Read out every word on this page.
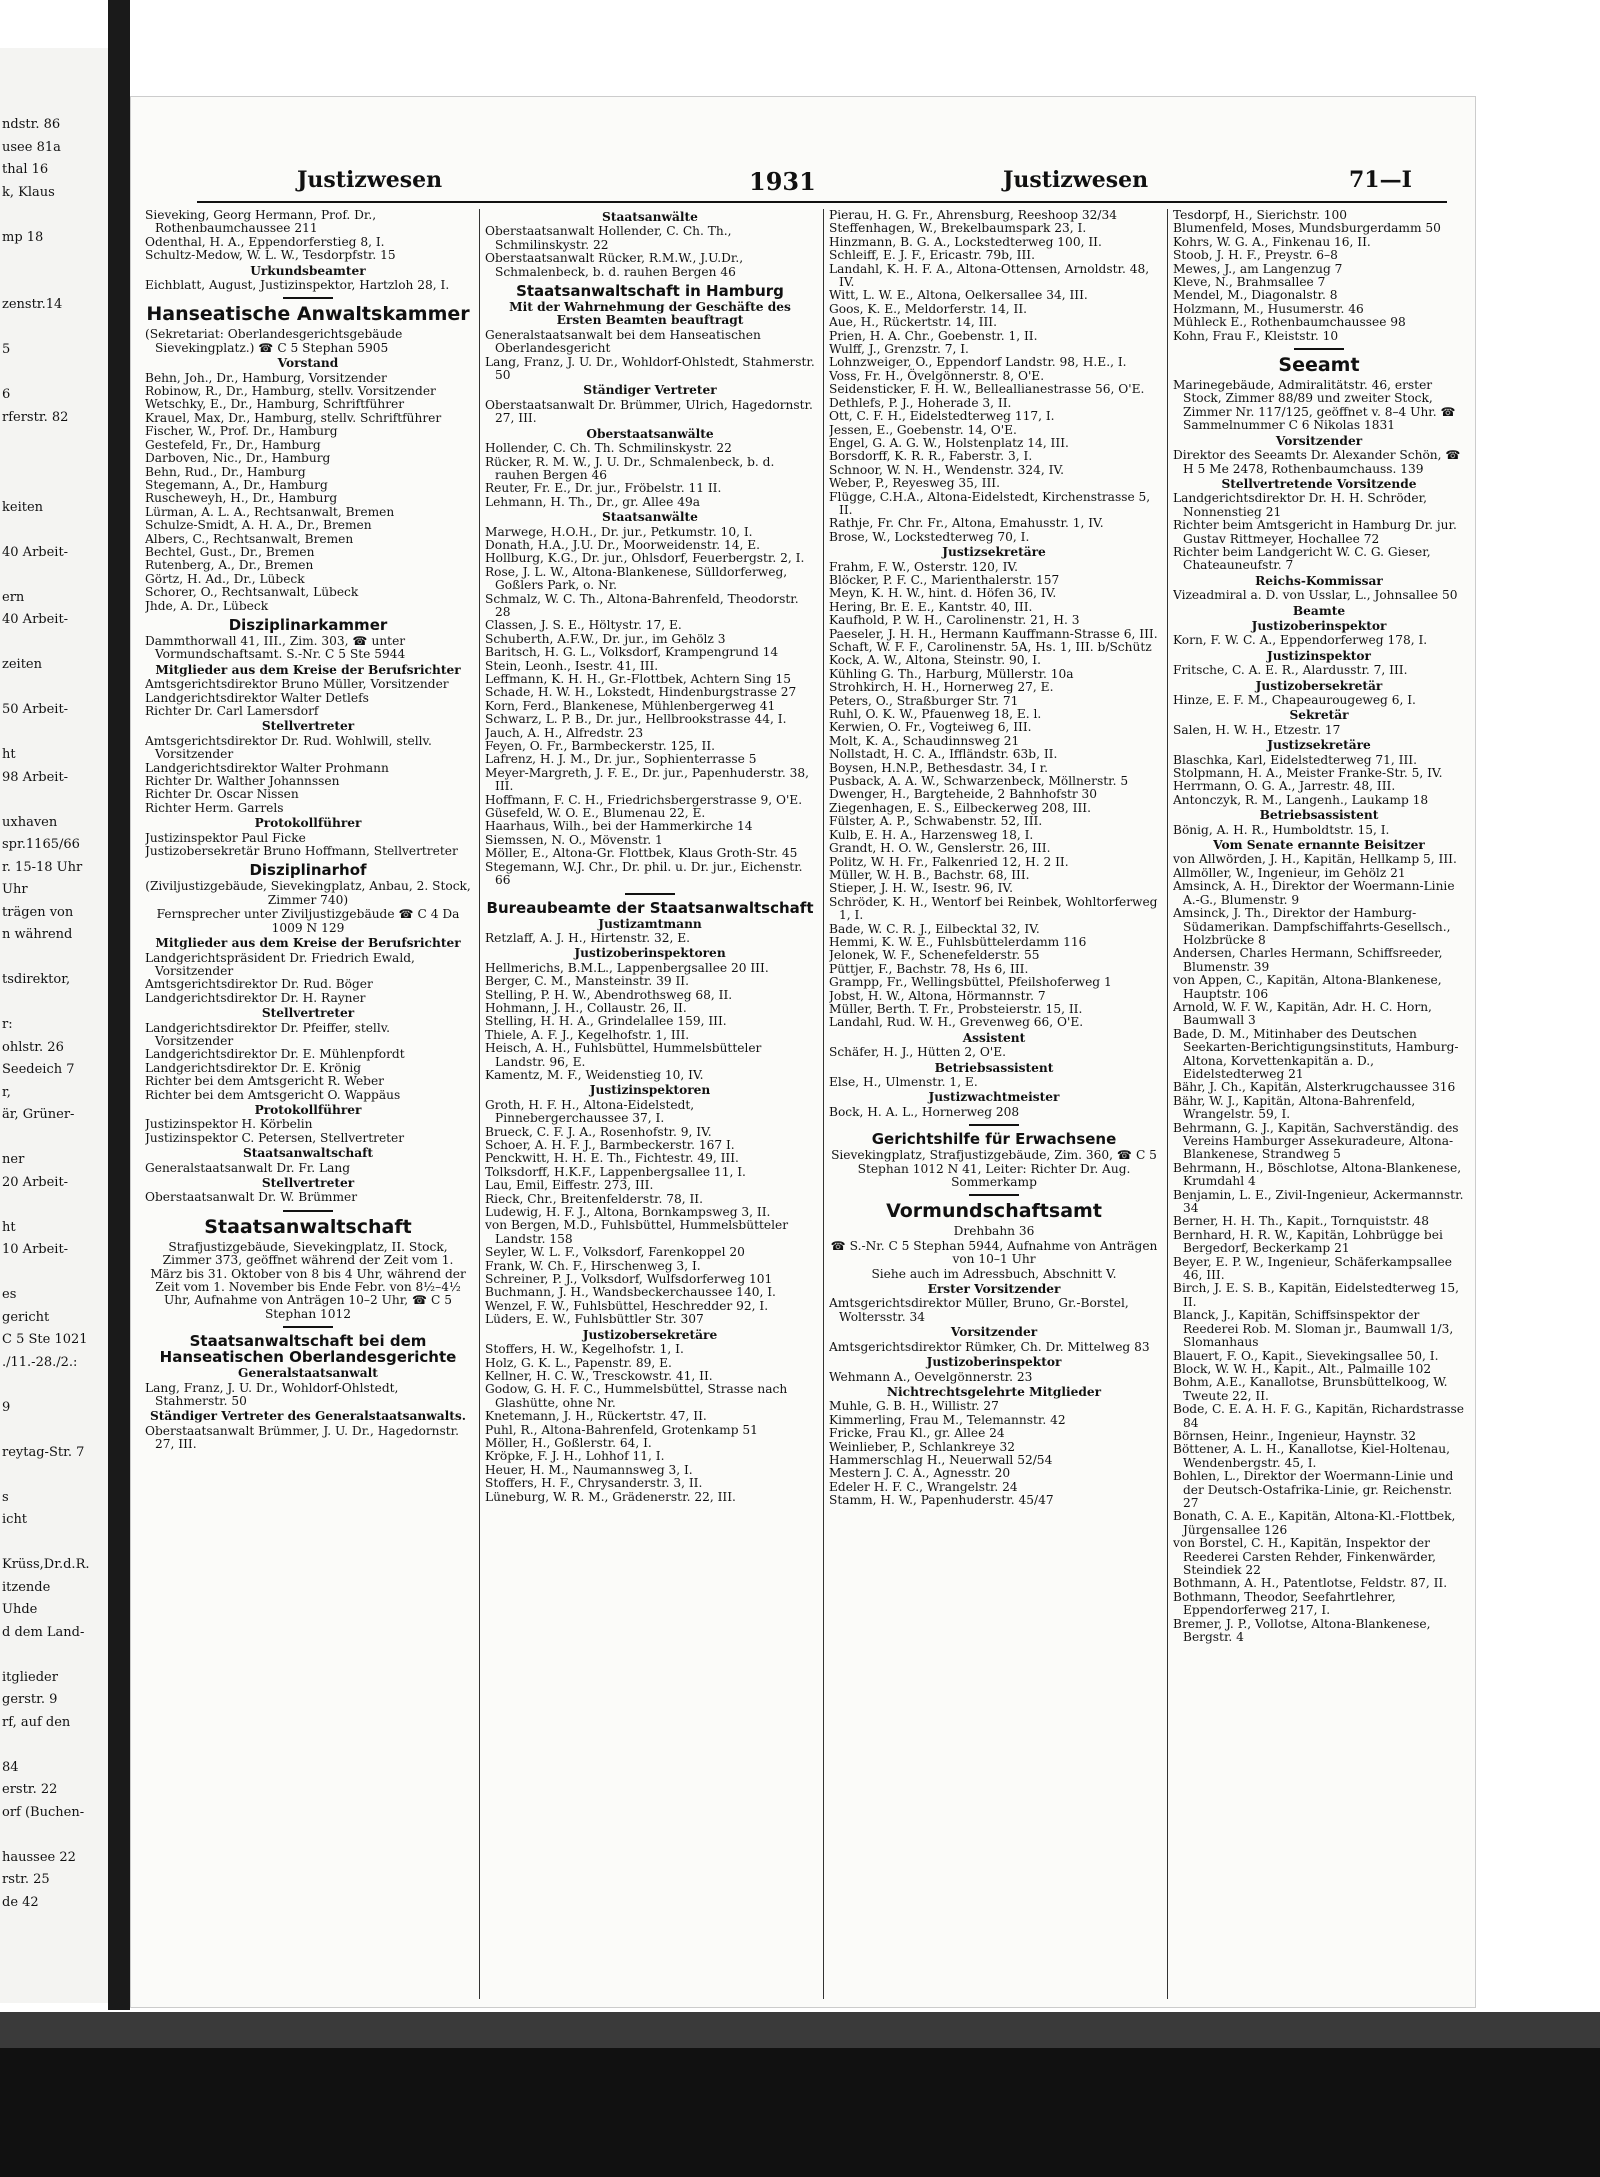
ndstr. 86
usee 81a
thal 16
k, Klaus
mp 18
zenstr.14
5
6
rferstr. 82
keiten
40 Arbeit-
ern
40 Arbeit-
zeiten
50 Arbeit-
ht
98 Arbeit-
uxhaven
spr.1165/66
r. 15-18 Uhr
Uhr
trägen von
n während
tsdirektor,
r:
ohlstr. 26
Seedeich 7
r,
är, Grüner-
ner
20 Arbeit-
ht
10 Arbeit-
es
gericht
C 5 Ste 1021
./11.-28./2.:
9
reytag-Str. 7
s
icht
Krüss,Dr.d.R.
itzende
Uhde
d dem Land-
itglieder
gerstr. 9
rf, auf den
84
erstr. 22
orf (Buchen-
haussee 22
rstr. 25
de 42
Justizwesen	1931	Justizwesen	71—I
Sieveking, Georg Hermann, Prof. Dr., Rothenbaumchaussee 211
Odenthal, H. A., Eppendorferstieg 8, I.
Schultz-Medow, W. L. W., Tesdorpfstr. 15
Urkundsbeamter
Eichblatt, August, Justizinspektor, Hartzloh 28, I.
Hanseatische Anwaltskammer
(Sekretariat: Oberlandesgerichtsgebäude Sievekingplatz.) ☎ C 5 Stephan 5905
Vorstand
Behn, Joh., Dr., Hamburg, Vorsitzender
Robinow, R., Dr., Hamburg, stellv. Vorsitzender
Wetschky, E., Dr., Hamburg, Schriftführer
Krauel, Max, Dr., Hamburg, stellv. Schriftführer
Fischer, W., Prof. Dr., Hamburg
Gestefeld, Fr., Dr., Hamburg
Darboven, Nic., Dr., Hamburg
Behn, Rud., Dr., Hamburg
Stegemann, A., Dr., Hamburg
Ruscheweyh, H., Dr., Hamburg
Lürman, A. L. A., Rechtsanwalt, Bremen
Schulze-Smidt, A. H. A., Dr., Bremen
Albers, C., Rechtsanwalt, Bremen
Bechtel, Gust., Dr., Bremen
Rutenberg, A., Dr., Bremen
Görtz, H. Ad., Dr., Lübeck
Schorer, O., Rechtsanwalt, Lübeck
Jhde, A. Dr., Lübeck
Disziplinarkammer
Dammthorwall 41, III., Zim. 303, ☎ unter Vormundschaftsamt. S.-Nr. C 5 Ste 5944
Mitglieder aus dem Kreise der Berufsrichter
Amtsgerichtsdirektor Bruno Müller, Vorsitzender
Landgerichtsdirektor Walter Detlefs
Richter Dr. Carl Lamersdorf
Stellvertreter
Amtsgerichtsdirektor Dr. Rud. Wohlwill, stellv. Vorsitzender
Landgerichtsdirektor Walter Prohmann
Richter Dr. Walther Johannssen
Richter Dr. Oscar Nissen
Richter Herm. Garrels
Protokollführer
Justizinspektor Paul Ficke
Justizobersekretär Bruno Hoffmann, Stellvertreter
Disziplinarhof
(Ziviljustizgebäude, Sievekingplatz, Anbau, 2. Stock, Zimmer 740)
Fernsprecher unter Ziviljustizgebäude ☎ C 4 Da 1009 N 129
Mitglieder aus dem Kreise der Berufsrichter
Landgerichtspräsident Dr. Friedrich Ewald, Vorsitzender
Amtsgerichtsdirektor Dr. Rud. Böger
Landgerichtsdirektor Dr. H. Rayner
Stellvertreter
Landgerichtsdirektor Dr. Pfeiffer, stellv. Vorsitzender
Landgerichtsdirektor Dr. E. Mühlenpfordt
Landgerichtsdirektor Dr. E. Krönig
Richter bei dem Amtsgericht R. Weber
Richter bei dem Amtsgericht O. Wappäus
Protokollführer
Justizinspektor H. Körbelin
Justizinspektor C. Petersen, Stellvertreter
Staatsanwaltschaft
Generalstaatsanwalt Dr. Fr. Lang
Stellvertreter
Oberstaatsanwalt Dr. W. Brümmer
Staatsanwaltschaft
Strafjustizgebäude, Sievekingplatz, II. Stock, Zimmer 373, geöffnet während der Zeit vom 1. März bis 31. Oktober von 8 bis 4 Uhr, während der Zeit vom 1. November bis Ende Febr. von 8½–4½ Uhr, Aufnahme von Anträgen 10–2 Uhr, ☎ C 5 Stephan 1012
Staatsanwaltschaft bei dem Hanseatischen Oberlandesgerichte
Generalstaatsanwalt
Lang, Franz, J. U. Dr., Wohldorf-Ohlstedt, Stahmerstr. 50
Ständiger Vertreter des Generalstaatsanwalts.
Oberstaatsanwalt Brümmer, J. U. Dr., Hagedornstr. 27, III.
Staatsanwälte
Oberstaatsanwalt Hollender, C. Ch. Th., Schmilinskystr. 22
Oberstaatsanwalt Rücker, R.M.W., J.U.Dr., Schmalenbeck, b. d. rauhen Bergen 46
Staatsanwaltschaft in Hamburg
Mit der Wahrnehmung der Geschäfte des Ersten Beamten beauftragt
Generalstaatsanwalt bei dem Hanseatischen Oberlandesgericht
Lang, Franz, J. U. Dr., Wohldorf-Ohlstedt, Stahmerstr. 50
Ständiger Vertreter
Oberstaatsanwalt Dr. Brümmer, Ulrich, Hagedornstr. 27, III.
Oberstaatsanwälte
Hollender, C. Ch. Th. Schmilinskystr. 22
Rücker, R. M. W., J. U. Dr., Schmalenbeck, b. d. rauhen Bergen 46
Reuter, Fr. E., Dr. jur., Fröbelstr. 11 II.
Lehmann, H. Th., Dr., gr. Allee 49a
Staatsanwälte
Marwege, H.O.H., Dr. jur., Petkumstr. 10, I.
Donath, H.A., J.U. Dr., Moorweidenstr. 14, E.
Hollburg, K.G., Dr. jur., Ohlsdorf, Feuerbergstr. 2, I.
Rose, J. L. W., Altona-Blankenese, Sülldorferweg, Goßlers Park, o. Nr.
Schmalz, W. C. Th., Altona-Bahrenfeld, Theodorstr. 28
Classen, J. S. E., Höltystr. 17, E.
Schuberth, A.F.W., Dr. jur., im Gehölz 3
Baritsch, H. G. L., Volksdorf, Krampengrund 14
Stein, Leonh., Isestr. 41, III.
Leffmann, K. H. H., Gr.-Flottbek, Achtern Sing 15
Schade, H. W. H., Lokstedt, Hindenburgstrasse 27
Korn, Ferd., Blankenese, Mühlenbergerweg 41
Schwarz, L. P. B., Dr. jur., Hellbrookstrasse 44, I.
Jauch, A. H., Alfredstr. 23
Feyen, O. Fr., Barmbeckerstr. 125, II.
Lafrenz, H. J. M., Dr. jur., Sophienterrasse 5
Meyer-Margreth, J. F. E., Dr. jur., Papenhuderstr. 38, III.
Hoffmann, F. C. H., Friedrichsbergerstrasse 9, O'E.
Güsefeld, W. O. E., Blumenau 22, E.
Haarhaus, Wilh., bei der Hammerkirche 14
Siemssen, N. O., Mövenstr. 1
Möller, E., Altona-Gr. Flottbek, Klaus Groth-Str. 45
Stegemann, W.J. Chr., Dr. phil. u. Dr. jur., Eichenstr. 66
Bureaubeamte der Staatsanwaltschaft
Justizamtmann
Retzlaff, A. J. H., Hirtenstr. 32, E.
Justizoberinspektoren
Hellmerichs, B.M.L., Lappenbergsallee 20 III.
Berger, C. M., Mansteinstr. 39 II.
Stelling, P. H. W., Abendrothsweg 68, II.
Hohmann, J. H., Collaustr. 26, II.
Stelling, H. H. A., Grindelallee 159, III.
Thiele, A. F. J., Kegelhofstr. 1, III.
Heisch, A. H., Fuhlsbüttel, Hummelsbütteler Landstr. 96, E.
Kamentz, M. F., Weidenstieg 10, IV.
Justizinspektoren
Groth, H. F. H., Altona-Eidelstedt, Pinnebergerchaussee 37, I.
Brueck, C. F. J. A., Rosenhofstr. 9, IV.
Schoer, A. H. F. J., Barmbeckerstr. 167 I.
Penckwitt, H. H. E. Th., Fichtestr. 49, III.
Tolksdorff, H.K.F., Lappenbergsallee 11, I.
Lau, Emil, Eiffestr. 273, III.
Rieck, Chr., Breitenfelderstr. 78, II.
Ludewig, H. F. J., Altona, Bornkampsweg 3, II.
von Bergen, M.D., Fuhlsbüttel, Hummelsbütteler Landstr. 158
Seyler, W. L. F., Volksdorf, Farenkoppel 20
Frank, W. Ch. F., Hirschenweg 3, I.
Schreiner, P. J., Volksdorf, Wulfsdorferweg 101
Buchmann, J. H., Wandsbeckerchaussee 140, I.
Wenzel, F. W., Fuhlsbüttel, Heschredder 92, I.
Lüders, E. W., Fuhlsbüttler Str. 307
Justizobersekretäre
Stoffers, H. W., Kegelhofstr. 1, I.
Holz, G. K. L., Papenstr. 89, E.
Kellner, H. C. W., Tresckowstr. 41, II.
Godow, G. H. F. C., Hummelsbüttel, Strasse nach Glashütte, ohne Nr.
Knetemann, J. H., Rückertstr. 47, II.
Puhl, R., Altona-Bahrenfeld, Grotenkamp 51
Möller, H., Goßlerstr. 64, I.
Kröpke, F. J. H., Lohhof 11, I.
Heuer, H. M., Naumannsweg 3, I.
Stoffers, H. F., Chrysanderstr. 3, II.
Lüneburg, W. R. M., Grädenerstr. 22, III.
Pierau, H. G. Fr., Ahrensburg, Reeshoop 32/34
Steffenhagen, W., Brekelbaumspark 23, I.
Hinzmann, B. G. A., Lockstedterweg 100, II.
Schleiff, E. J. F., Ericastr. 79b, III.
Landahl, K. H. F. A., Altona-Ottensen, Arnoldstr. 48, IV.
Witt, L. W. E., Altona, Oelkersallee 34, III.
Goos, K. E., Meldorferstr. 14, II.
Aue, H., Rückertstr. 14, III.
Prien, H. A. Chr., Goebenstr. 1, II.
Wulff, J., Grenzstr. 7, I.
Lohnzweiger, O., Eppendorf Landstr. 98, H.E., I.
Voss, Fr. H., Övelgönnerstr. 8, O'E.
Seidensticker, F. H. W., Belleallianestrasse 56, O'E.
Dethlefs, P. J., Hoherade 3, II.
Ott, C. F. H., Eidelstedterweg 117, I.
Jessen, E., Goebenstr. 14, O'E.
Engel, G. A. G. W., Holstenplatz 14, III.
Borsdorff, K. R. R., Faberstr. 3, I.
Schnoor, W. N. H., Wendenstr. 324, IV.
Weber, P., Reyesweg 35, III.
Flügge, C.H.A., Altona-Eidelstedt, Kirchenstrasse 5, II.
Rathje, Fr. Chr. Fr., Altona, Emahusstr. 1, IV.
Brose, W., Lockstedterweg 70, I.
Justizsekretäre
Frahm, F. W., Osterstr. 120, IV.
Blöcker, P. F. C., Marienthalerstr. 157
Meyn, K. H. W., hint. d. Höfen 36, IV.
Hering, Br. E. E., Kantstr. 40, III.
Kaufhold, P. W. H., Carolinenstr. 21, H. 3
Paeseler, J. H. H., Hermann Kauffmann-Strasse 6, III.
Schaft, W. F. F., Carolinenstr. 5A, Hs. 1, III. b/Schütz
Kock, A. W., Altona, Steinstr. 90, I.
Kühling G. Th., Harburg, Müllerstr. 10a
Strohkirch, H. H., Hornerweg 27, E.
Peters, O., Straßburger Str. 71
Ruhl, O. K. W., Pfauenweg 18, E. l.
Kerwien, O. Fr., Vogteiweg 6, III.
Molt, K. A., Schaudinnsweg 21
Nollstadt, H. C. A., Iffländstr. 63b, II.
Boysen, H.N.P., Bethesdastr. 34, I r.
Pusback, A. A. W., Schwarzenbeck, Möllnerstr. 5
Dwenger, H., Bargteheide, 2 Bahnhofstr 30
Ziegenhagen, E. S., Eilbeckerweg 208, III.
Fülster, A. P., Schwabenstr. 52, III.
Kulb, E. H. A., Harzensweg 18, I.
Grandt, H. O. W., Genslerstr. 26, III.
Politz, W. H. Fr., Falkenried 12, H. 2 II.
Müller, W. H. B., Bachstr. 68, III.
Stieper, J. H. W., Isestr. 96, IV.
Schröder, K. H., Wentorf bei Reinbek, Wohltorferweg 1, I.
Bade, W. C. R. J., Eilbecktal 32, IV.
Hemmi, K. W. E., Fuhlsbüttelerdamm 116
Jelonek, W. F., Schenefelderstr. 55
Püttjer, F., Bachstr. 78, Hs 6, III.
Grampp, Fr., Wellingsbüttel, Pfeilshoferweg 1
Jobst, H. W., Altona, Hörmannstr. 7
Müller, Berth. T. Fr., Probsteierstr. 15, II.
Landahl, Rud. W. H., Grevenweg 66, O'E.
Assistent
Schäfer, H. J., Hütten 2, O'E.
Betriebsassistent
Else, H., Ulmenstr. 1, E.
Justizwachtmeister
Bock, H. A. L., Hornerweg 208
Gerichtshilfe für Erwachsene
Sievekingplatz, Strafjustizgebäude, Zim. 360, ☎ C 5 Stephan 1012 N 41, Leiter: Richter Dr. Aug. Sommerkamp
Vormundschaftsamt
Drehbahn 36
☎ S.-Nr. C 5 Stephan 5944, Aufnahme von Anträgen von 10–1 Uhr
Siehe auch im Adressbuch, Abschnitt V.
Erster Vorsitzender
Amtsgerichtsdirektor Müller, Bruno, Gr.-Borstel, Woltersstr. 34
Vorsitzender
Amtsgerichtsdirektor Rümker, Ch. Dr. Mittelweg 83
Justizoberinspektor
Wehmann A., Oevelgönnerstr. 23
Nichtrechtsgelehrte Mitglieder
Muhle, G. B. H., Willistr. 27
Kimmerling, Frau M., Telemannstr. 42
Fricke, Frau Kl., gr. Allee 24
Weinlieber, P., Schlankreye 32
Hammerschlag H., Neuerwall 52/54
Mestern J. C. A., Agnesstr. 20
Edeler H. F. C., Wrangelstr. 24
Stamm, H. W., Papenhuderstr. 45/47
Tesdorpf, H., Sierichstr. 100
Blumenfeld, Moses, Mundsburgerdamm 50
Kohrs, W. G. A., Finkenau 16, II.
Stoob, J. H. F., Preystr. 6–8
Mewes, J., am Langenzug 7
Kleve, N., Brahmsallee 7
Mendel, M., Diagonalstr. 8
Holzmann, M., Husumerstr. 46
Mühleck E., Rothenbaumchaussee 98
Kohn, Frau F., Kleiststr. 10
Seeamt
Marinegebäude, Admiralitätstr. 46, erster Stock, Zimmer 88/89 und zweiter Stock, Zimmer Nr. 117/125, geöffnet v. 8–4 Uhr. ☎ Sammelnummer C 6 Nikolas 1831
Vorsitzender
Direktor des Seeamts Dr. Alexander Schön, ☎ H 5 Me 2478, Rothenbaumchauss. 139
Stellvertretende Vorsitzende
Landgerichtsdirektor Dr. H. H. Schröder, Nonnenstieg 21
Richter beim Amtsgericht in Hamburg Dr. jur. Gustav Rittmeyer, Hochallee 72
Richter beim Landgericht W. C. G. Gieser, Chateauneufstr. 7
Reichs-Kommissar
Vizeadmiral a. D. von Usslar, L., Johnsallee 50
Beamte
Justizoberinspektor
Korn, F. W. C. A., Eppendorferweg 178, I.
Justizinspektor
Fritsche, C. A. E. R., Alardusstr. 7, III.
Justizobersekretär
Hinze, E. F. M., Chapeaurougeweg 6, I.
Sekretär
Salen, H. W. H., Etzestr. 17
Justizsekretäre
Blaschka, Karl, Eidelstedterweg 71, III.
Stolpmann, H. A., Meister Franke-Str. 5, IV.
Herrmann, O. G. A., Jarrestr. 48, III.
Antonczyk, R. M., Langenh., Laukamp 18
Betriebsassistent
Bönig, A. H. R., Humboldtstr. 15, I.
Vom Senate ernannte Beisitzer
von Allwörden, J. H., Kapitän, Hellkamp 5, III.
Allmöller, W., Ingenieur, im Gehölz 21
Amsinck, A. H., Direktor der Woermann-Linie A.-G., Blumenstr. 9
Amsinck, J. Th., Direktor der Hamburg-Südamerikan. Dampfschiffahrts-Gesellsch., Holzbrücke 8
Andersen, Charles Hermann, Schiffsreeder, Blumenstr. 39
von Appen, C., Kapitän, Altona-Blankenese, Hauptstr. 106
Arnold, W. F. W., Kapitän, Adr. H. C. Horn, Baumwall 3
Bade, D. M., Mitinhaber des Deutschen Seekarten-Berichtigungsinstituts, Hamburg-Altona, Korvettenkapitän a. D., Eidelstedterweg 21
Bähr, J. Ch., Kapitän, Alsterkrugchaussee 316
Bähr, W. J., Kapitän, Altona-Bahrenfeld, Wrangelstr. 59, I.
Behrmann, G. J., Kapitän, Sachverständig. des Vereins Hamburger Assekuradeure, Altona-Blankenese, Strandweg 5
Behrmann, H., Böschlotse, Altona-Blankenese, Krumdahl 4
Benjamin, L. E., Zivil-Ingenieur, Ackermannstr. 34
Berner, H. H. Th., Kapit., Tornquiststr. 48
Bernhard, H. R. W., Kapitän, Lohbrügge bei Bergedorf, Beckerkamp 21
Beyer, E. P. W., Ingenieur, Schäferkampsallee 46, III.
Birch, J. E. S. B., Kapitän, Eidelstedterweg 15, II.
Blanck, J., Kapitän, Schiffsinspektor der Reederei Rob. M. Sloman jr., Baumwall 1/3, Slomanhaus
Blauert, F. O., Kapit., Sievekingsallee 50, I.
Block, W. W. H., Kapit., Alt., Palmaille 102
Bohm, A.E., Kanallotse, Brunsbüttelkoog, W. Tweute 22, II.
Bode, C. E. A. H. F. G., Kapitän, Richardstrasse 84
Börnsen, Heinr., Ingenieur, Haynstr. 32
Böttener, A. L. H., Kanallotse, Kiel-Holtenau, Wendenbergstr. 45, I.
Bohlen, L., Direktor der Woermann-Linie und der Deutsch-Ostafrika-Linie, gr. Reichenstr. 27
Bonath, C. A. E., Kapitän, Altona-Kl.-Flottbek, Jürgensallee 126
von Borstel, C. H., Kapitän, Inspektor der Reederei Carsten Rehder, Finkenwärder, Steindiek 22
Bothmann, A. H., Patentlotse, Feldstr. 87, II.
Bothmann, Theodor, Seefahrtlehrer, Eppendorferweg 217, I.
Bremer, J. P., Vollotse, Altona-Blankenese, Bergstr. 4
